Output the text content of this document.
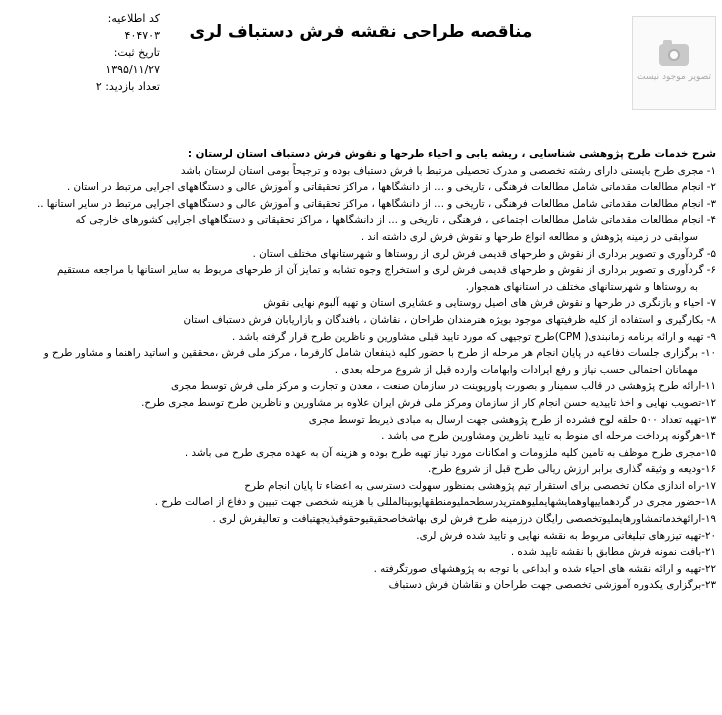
کد اطلاعیه: ۴۰۴۷۰۳
تاریخ ثبت: ۱۳۹۵/۱۱/۲۷
تعداد بازدید: ۲
مناقصه طراحی نقشه فرش دستباف لری
تصویر موجود نیست
شرح خدمات طرح پژوهشی شناسایی ، ریشه یابی و احیاء طرحها و نقوش فرش دستباف استان لرستان :
۱- مجری طرح بایستی دارای رشته تخصصی و مدرک تحصیلی مرتبط با فرش دستباف بوده و ترجیحاً بومی استان لرستان باشد
۲- انجام مطالعات مقدماتی شامل مطالعات فرهنگی ، تاریخی و ... از دانشگاهها ، مراکز تحقیقاتی و آموزش عالی و دستگاههای اجرایی مرتبط در استان .
۳- انجام مطالعات مقدماتی شامل مطالعات فرهنگی ، تاریخی و ... از دانشگاهها ، مراکز تحقیقاتی و آموزش عالی و دستگاههای اجرایی مرتبط در سایر استانها ..
۴- انجام مطالعات مقدماتی شامل مطالعات اجتماعی ، فرهنگی ، تاریخی و ... از دانشگاهها ، مراکز تحقیقاتی و دستگاههای اجرایی کشورهای خارجی که
سوابقی در زمینه پژوهش و مطالعه انواع طرحها و نقوش فرش لری داشته اند .
۵- گردآوری و تصویر برداری از نقوش و طرحهای قدیمی فرش لری از روستاها و شهرستانهای مختلف استان .
۶- گردآوری و تصویر برداری از نقوش و طرحهای قدیمی فرش لری و استخراج وجوه تشابه و تمایز آن از طرحهای مربوط به سایر استانها با مراجعه مستقیم
به روستاها و شهرستانهای مختلف در استانهای همجوار.
۷- احیاء و بازنگری در طرحها و نقوش فرش های اصیل روستایی و عشایری استان و تهیه آلبوم نهایی نقوش
۸- بکارگیری و استفاده از کلیه ظرفیتهای موجود بویژه هنرمندان طراحان ، نقاشان ، بافندگان و بازاریابان فرش دستباف استان
۹- تهیه و ارائه برنامه زمانبندی( CPM)طرح توجیهی که مورد تایید قبلی مشاورین و ناظرین طرح قرار گرفته باشد .
۱۰- برگزاری جلسات دفاعیه در پایان انجام هر مرحله از طرح با حضور کلیه ذینفعان شامل کارفرما ، مرکز ملی فرش ،محققین و اساتید راهنما و مشاور طرح و
مهمانان احتمالی حسب نیاز و رفع ایرادات وابهامات وارده قبل از شروع مرحله بعدی .
۱۱-ارائه طرح پژوهشی در قالب سمینار و بصورت پاورپوینت در سازمان صنعت ، معدن و تجارت و مرکز ملی فرش توسط مجری
۱۲-تصویب نهایی و اخذ تاییدیه حسن انجام کار از سازمان ومرکز ملی فرش ایران علاوه بر مشاورین و ناظرین طرح توسط مجری طرح.
۱۳-تهیه تعداد ۵۰۰ حلقه لوح فشرده از طرح پژوهشی جهت ارسال به مبادی ذیربط توسط مجری
۱۴-هرگونه پرداخت مرحله ای منوط به تایید ناظرین ومشاورین طرح می باشد .
۱۵-مجری طرح موظف به تامین کلیه ملزومات و امکانات مورد نیاز تهیه طرح بوده و هزینه آن به عهده مجری طرح می باشد .
۱۶-ودیعه و وثیقه گذاری برابر ارزش ریالی طرح قبل از شروع طرح.
۱۷-راه اندازی مکان تخصصی برای استقرار تیم پژوهشی بمنظور سهولت دسترسی به اعضاء تا پایان انجام طرح
۱۸-حضور مجری در گردهماییهاوهمایشهایملیوهمتریدرسطحملیومنطقهایوبینالمللی با هزینه شخصی جهت تبیین و دفاع از اصالت طرح .
۱۹-ارائهخدماتمشاورهایملیوتخصصی رایگان درزمینه طرح فرش لری بهاشخاصحقیقیوحقوقیذیجهتبافت و تعالیفرش لری .
۲۰-تهیه تیزرهای تبلیغاتی مربوط به نقشه نهایی و تایید شده فرش لری.
۲۱-بافت نمونه فرش مطابق با نقشه تایید شده .
۲۲-تهیه و ارائه نقشه های احیاء شده و ابداعی با توجه به پژوهشهای صورتگرفته .
۲۳-برگزاری یکدوره آموزشی تخصصی جهت طراحان و نقاشان فرش دستباف
